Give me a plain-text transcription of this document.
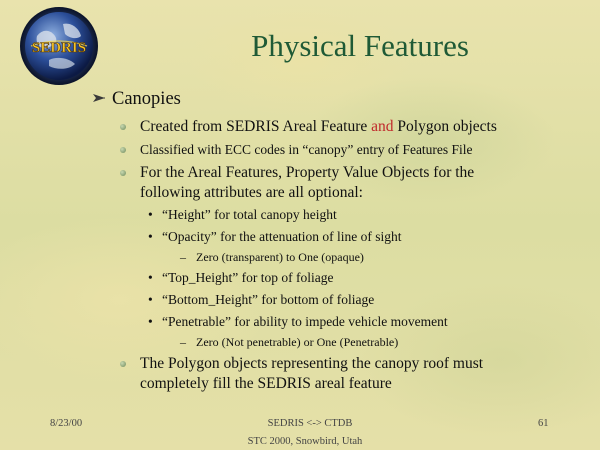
SEDRIS	Physical Features
Canopies
Created from SEDRIS Areal Feature and Polygon objects
Classified with ECC codes in “canopy” entry of Features File
For the Areal Features, Property Value Objects for the
following attributes are all optional:
• “Height” for total canopy height
• “Opacity” for the attenuation of line of sight
– Zero (transparent) to One (opaque)
• “Top_Height” for top of foliage
• “Bottom_Height” for bottom of foliage
• “Penetrable” for ability to impede vehicle movement
– Zero (Not penetrable) or One (Penetrable)
The Polygon objects representing the canopy roof must
completely fill the SEDRIS areal feature
8/23/00	SEDRIS <-> CTDB	61
STC 2000, Snowbird, Utah
